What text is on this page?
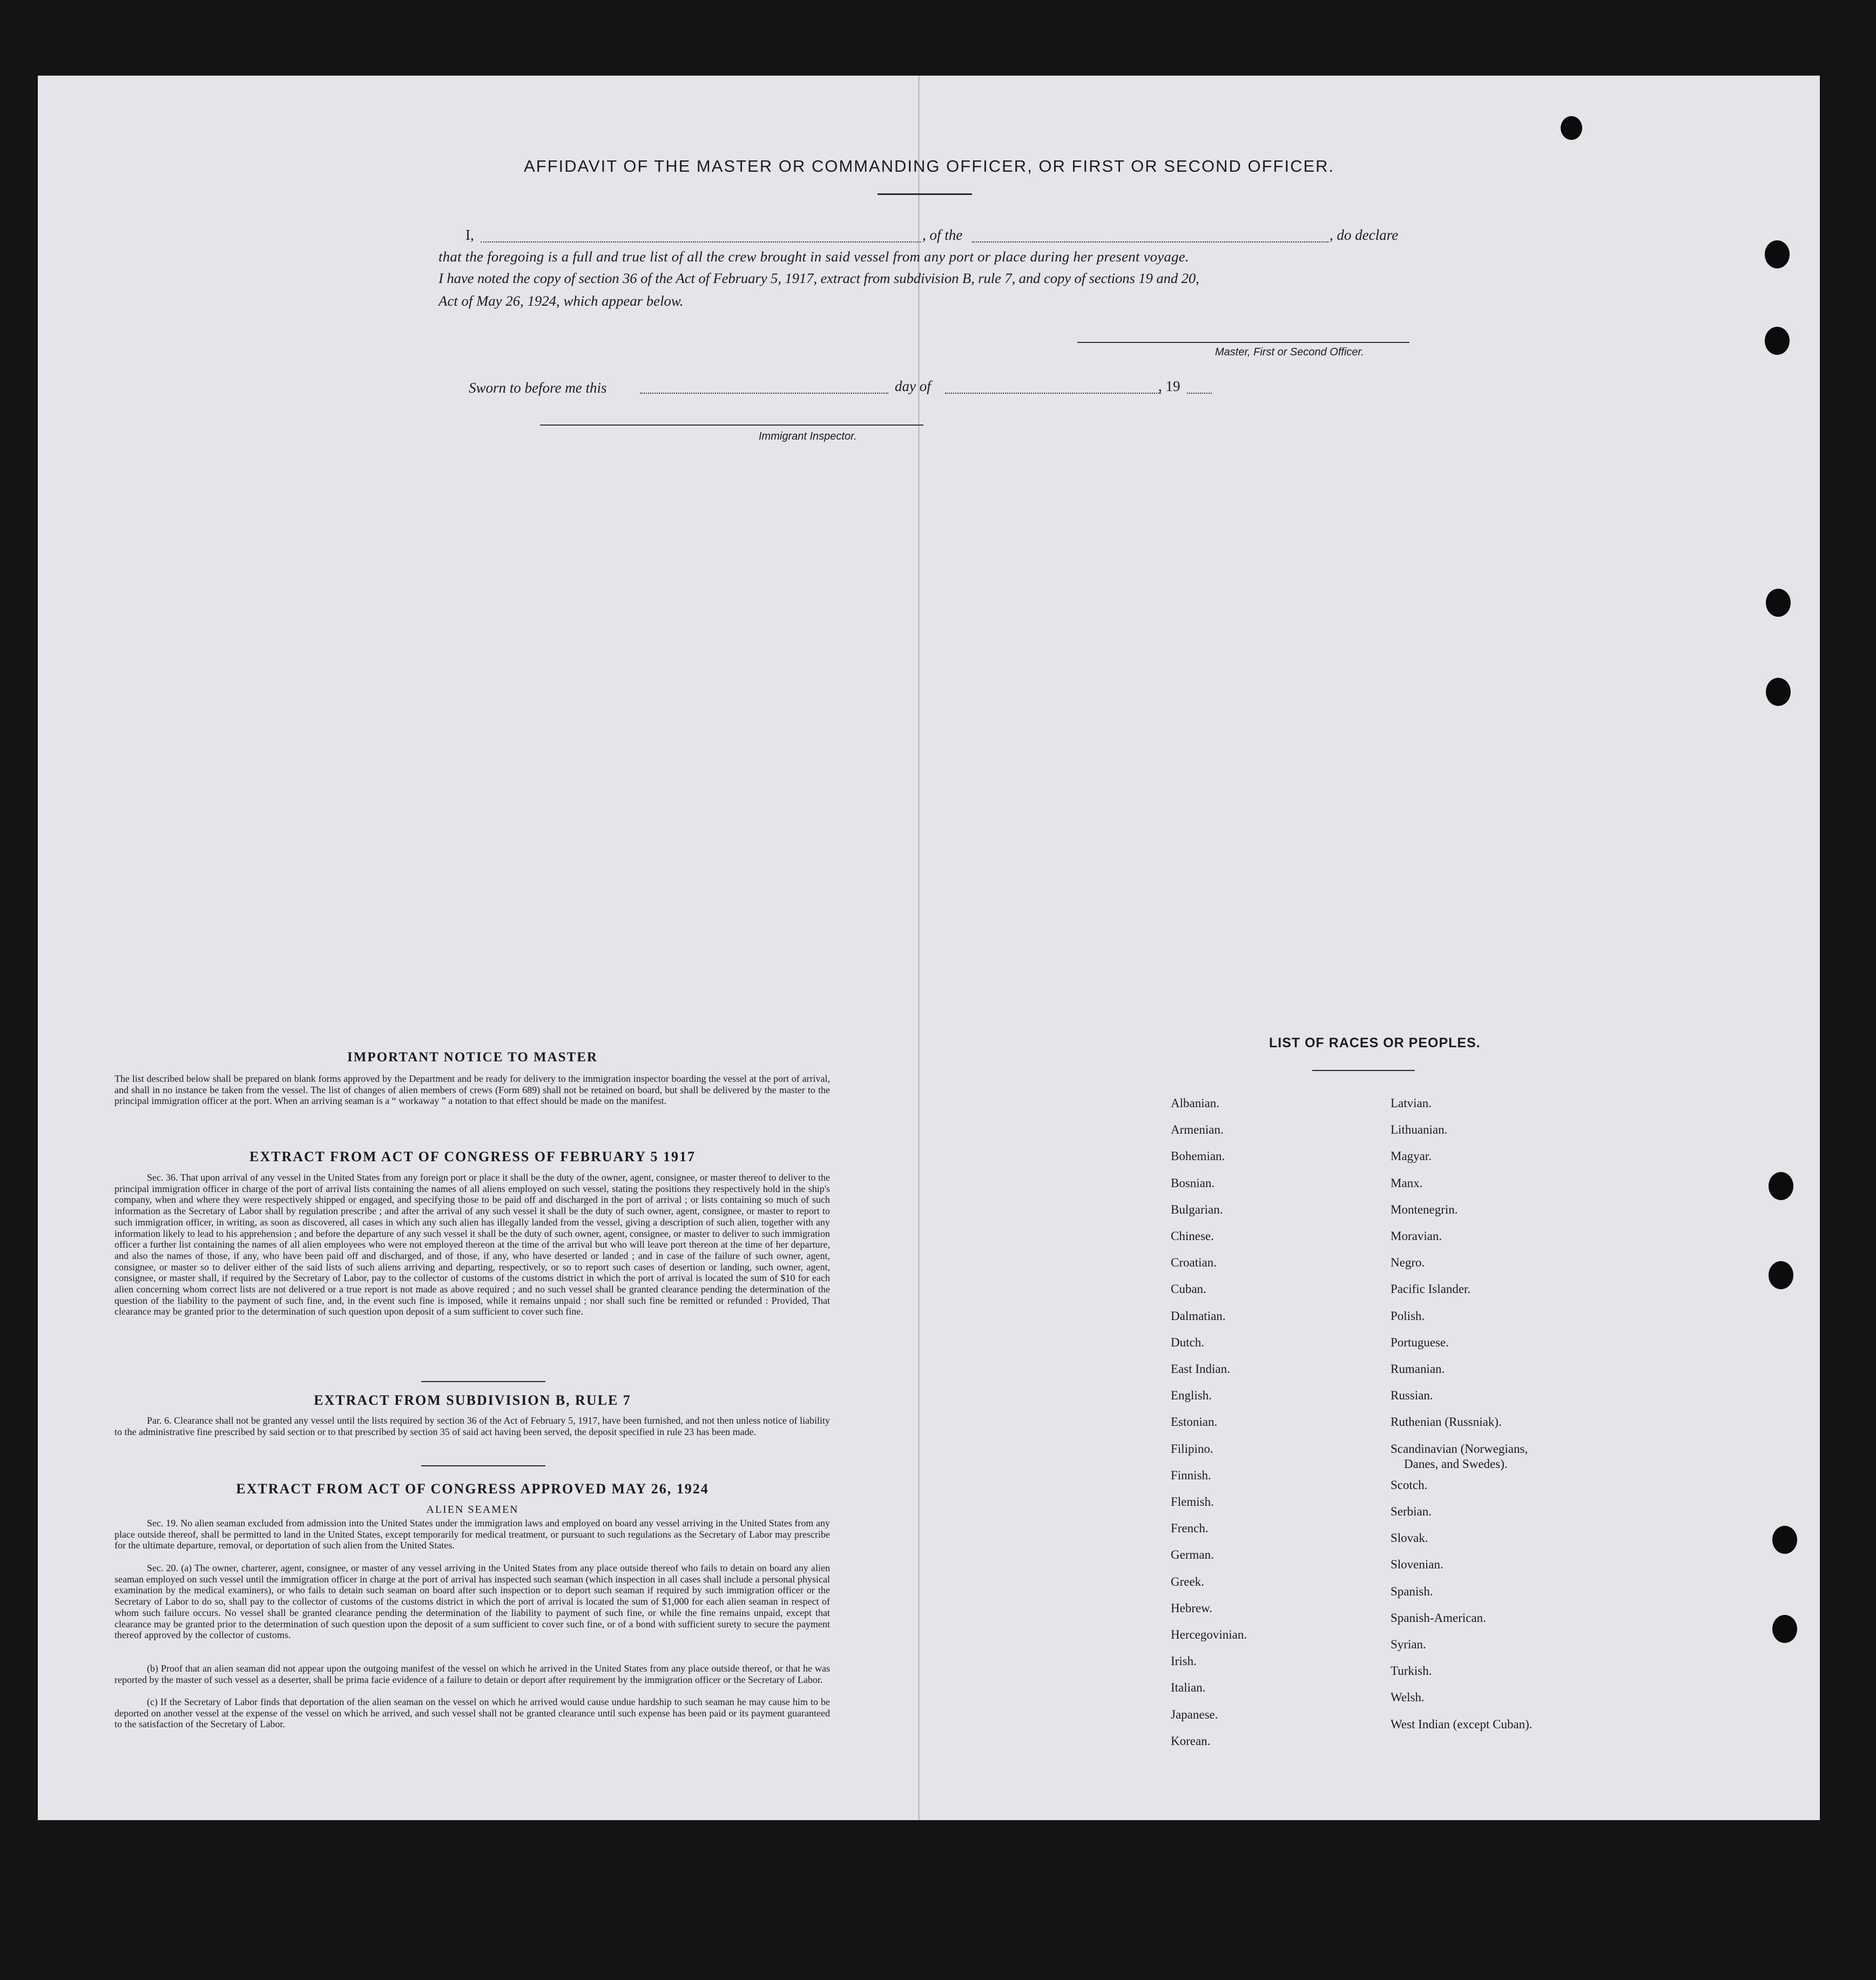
AFFIDAVIT OF THE MASTER OR COMMANDING OFFICER, OR FIRST OR SECOND OFFICER.
I,	, of the	, do declare
that the foregoing is a full and true list of all the crew brought in said vessel from any port or place during her present voyage.
I have noted the copy of section 36 of the Act of February 5, 1917, extract from subdivision B, rule 7, and copy of sections 19 and 20,
Act of May 26, 1924, which appear below.
Master, First or Second Officer.
Sworn to before me this	day of	, 19
Immigrant Inspector.
IMPORTANT NOTICE TO MASTER

The list described below shall be prepared on blank forms approved by the Department and be ready for delivery to the immigration inspector boarding the vessel at the port of arrival, and shall in no instance be taken from the vessel. The list of changes of alien members of crews (Form 689) shall not be retained on board, but shall be delivered by the master to the principal immigration officer at the port. When an arriving seaman is a “ workaway ” a notation to that effect should be made on the manifest.

EXTRACT FROM ACT OF CONGRESS OF FEBRUARY 5 1917

Sec. 36. That upon arrival of any vessel in the United States from any foreign port or place it shall be the duty of the owner, agent, consignee, or master thereof to deliver to the principal immigration officer in charge of the port of arrival lists containing the names of all aliens employed on such vessel, stating the positions they respectively hold in the ship's company, when and where they were respectively shipped or engaged, and specifying those to be paid off and discharged in the port of arrival ; or lists containing so much of such information as the Secretary of Labor shall by regulation prescribe ; and after the arrival of any such vessel it shall be the duty of such owner, agent, consignee, or master to report to such immigration officer, in writing, as soon as discovered, all cases in which any such alien has illegally landed from the vessel, giving a description of such alien, together with any information likely to lead to his apprehension ; and before the departure of any such vessel it shall be the duty of such owner, agent, consignee, or master to deliver to such immigration officer a further list containing the names of all alien employees who were not employed thereon at the time of the arrival but who will leave port thereon at the time of her departure, and also the names of those, if any, who have been paid off and discharged, and of those, if any, who have deserted or landed ; and in case of the failure of such owner, agent, consignee, or master so to deliver either of the said lists of such aliens arriving and departing, respectively, or so to report such cases of desertion or landing, such owner, agent, consignee, or master shall, if required by the Secretary of Labor, pay to the collector of customs of the customs district in which the port of arrival is located the sum of $10 for each alien concerning whom correct lists are not delivered or a true report is not made as above required ; and no such vessel shall be granted clearance pending the determination of the question of the liability to the payment of such fine, and, in the event such fine is imposed, while it remains unpaid ; nor shall such fine be remitted or refunded : Provided, That clearance may be granted prior to the determination of such question upon deposit of a sum sufficient to cover such fine.

EXTRACT FROM SUBDIVISION B, RULE 7

Par. 6. Clearance shall not be granted any vessel until the lists required by section 36 of the Act of February 5, 1917, have been furnished, and not then unless notice of liability to the administrative fine prescribed by said section or to that prescribed by section 35 of said act having been served, the deposit specified in rule 23 has been made.

EXTRACT FROM ACT OF CONGRESS APPROVED MAY 26, 1924
ALIEN SEAMEN

Sec. 19. No alien seaman excluded from admission into the United States under the immigration laws and employed on board any vessel arriving in the United States from any place outside thereof, shall be permitted to land in the United States, except temporarily for medical treatment, or pursuant to such regulations as the Secretary of Labor may prescribe for the ultimate departure, removal, or deportation of such alien from the United States.

Sec. 20. (a) The owner, charterer, agent, consignee, or master of any vessel arriving in the United States from any place outside thereof who fails to detain on board any alien seaman employed on such vessel until the immigration officer in charge at the port of arrival has inspected such seaman (which inspection in all cases shall include a personal physical examination by the medical examiners), or who fails to detain such seaman on board after such inspection or to deport such seaman if required by such immigration officer or the Secretary of Labor to do so, shall pay to the collector of customs of the customs district in which the port of arrival is located the sum of $1,000 for each alien seaman in respect of whom such failure occurs. No vessel shall be granted clearance pending the determination of the liability to payment of such fine, or while the fine remains unpaid, except that clearance may be granted prior to the determination of such question upon the deposit of a sum sufficient to cover such fine, or of a bond with sufficient surety to secure the payment thereof approved by the collector of customs.

(b) Proof that an alien seaman did not appear upon the outgoing manifest of the vessel on which he arrived in the United States from any place outside thereof, or that he was reported by the master of such vessel as a deserter, shall be prima facie evidence of a failure to detain or deport after requirement by the immigration officer or the Secretary of Labor.

(c) If the Secretary of Labor finds that deportation of the alien seaman on the vessel on which he arrived would cause undue hardship to such seaman he may cause him to be deported on another vessel at the expense of the vessel on which he arrived, and such vessel shall not be granted clearance until such expense has been paid or its payment guaranteed to the satisfaction of the Secretary of Labor.

LIST OF RACES OR PEOPLES.
Albanian.
Armenian.
Bohemian.
Bosnian.
Bulgarian.
Chinese.
Croatian.
Cuban.
Dalmatian.
Dutch.
East Indian.
English.
Estonian.
Filipino.
Finnish.
Flemish.
French.
German.
Greek.
Hebrew.
Hercegovinian.
Irish.
Italian.
Japanese.
Korean.
Latvian.
Lithuanian.
Magyar.
Manx.
Montenegrin.
Moravian.
Negro.
Pacific Islander.
Polish.
Portuguese.
Rumanian.
Russian.
Ruthenian (Russniak).
Scandinavian (Norwegians,
Danes, and Swedes).
Scotch.
Serbian.
Slovak.
Slovenian.
Spanish.
Spanish-American.
Syrian.
Turkish.
Welsh.
West Indian (except Cuban).
